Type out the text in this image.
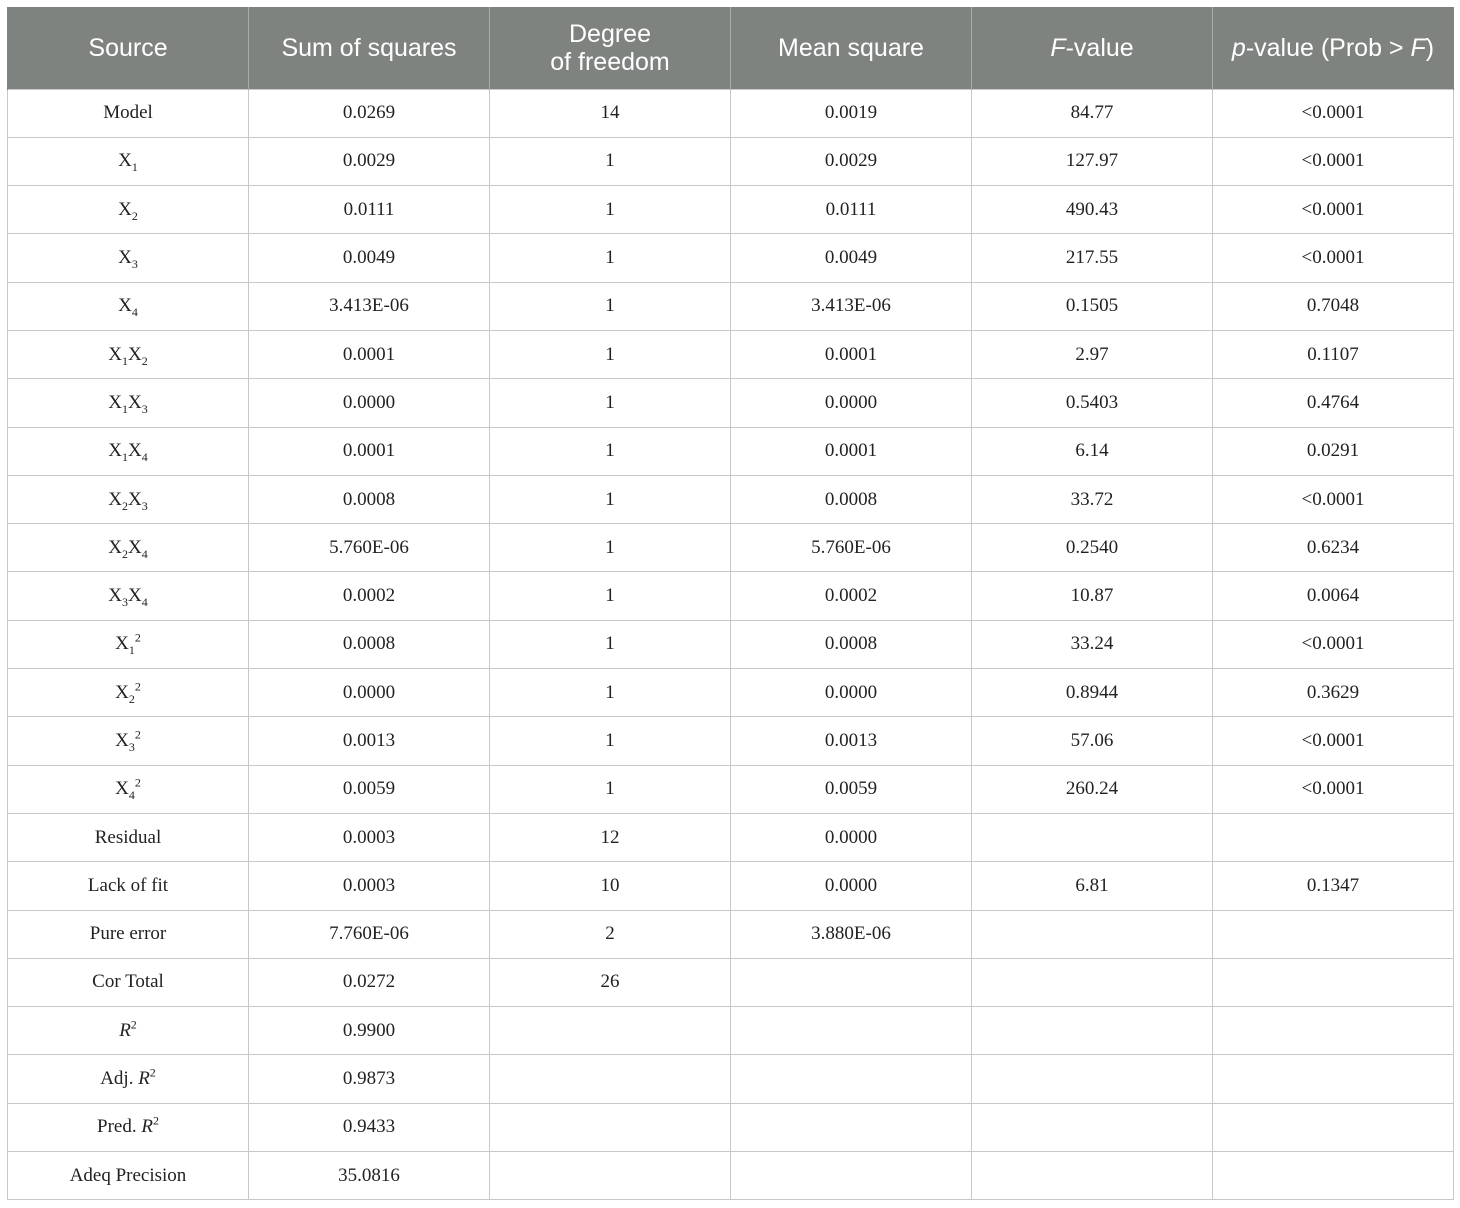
Source	Sum of squares	Degree
of freedom	Mean square	F-value	p-value (Prob > F)
Model	0.0269	14	0.0019	84.77	<0.0001
$X_1$	0.0029	1	0.0029	127.97	<0.0001
$X_2$	0.0111	1	0.0111	490.43	<0.0001
$X_3$	0.0049	1	0.0049	217.55	<0.0001
$X_4$	3.413E-06	1	3.413E-06	0.1505	0.7048
$X_1X_2$	0.0001	1	0.0001	2.97	0.1107
$X_1X_3$	0.0000	1	0.0000	0.5403	0.4764
$X_1X_4$	0.0001	1	0.0001	6.14	0.0291
$X_2X_3$	0.0008	1	0.0008	33.72	<0.0001
$X_2X_4$	5.760E-06	1	5.760E-06	0.2540	0.6234
$X_3X_4$	0.0002	1	0.0002	10.87	0.0064
$X_1^2$	0.0008	1	0.0008	33.24	<0.0001
$X_2^2$	0.0000	1	0.0000	0.8944	0.3629
$X_3^2$	0.0013	1	0.0013	57.06	<0.0001
$X_4^2$	0.0059	1	0.0059	260.24	<0.0001
Residual	0.0003	12	0.0000		
Lack of fit	0.0003	10	0.0000	6.81	0.1347
Pure error	7.760E-06	2	3.880E-06		
Cor Total	0.0272	26			
$R^2$	0.9900				
Adj. $R^2$	0.9873				
Pred. $R^2$	0.9433				
Adeq Precision	35.0816				
